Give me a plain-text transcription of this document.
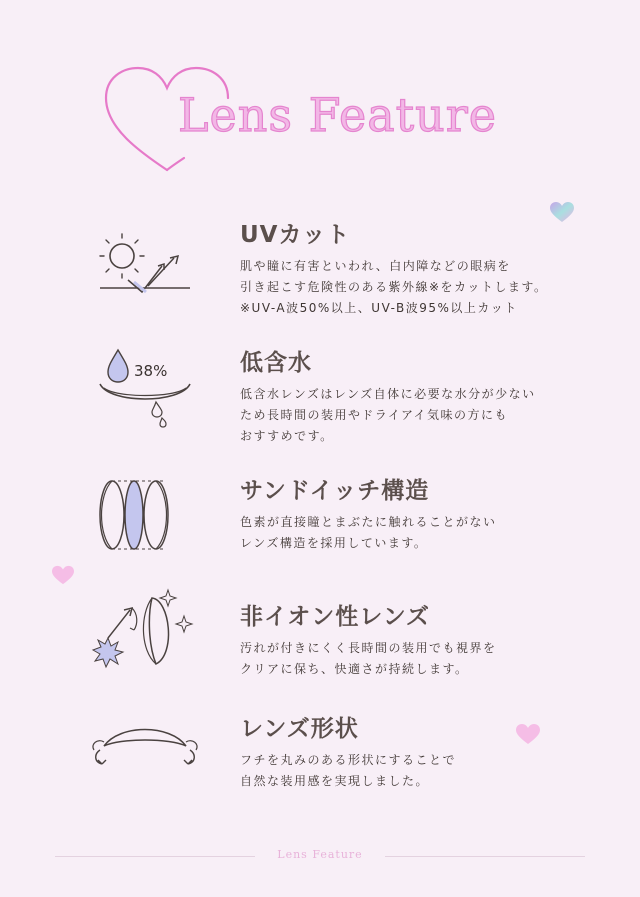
Lens Feature
UVカット
肌や瞳に有害といわれ、白内障などの眼病を
引き起こす危険性のある紫外線※をカットします。
※UV-A波50%以上、UV-B波95%以上カット
38%	低含水
低含水レンズはレンズ自体に必要な水分が少ない
ため長時間の装用やドライアイ気味の方にも
おすすめです。
サンドイッチ構造
色素が直接瞳とまぶたに触れることがない
レンズ構造を採用しています。
非イオン性レンズ
汚れが付きにくく長時間の装用でも視界を
クリアに保ち、快適さが持続します。
レンズ形状
フチを丸みのある形状にすることで
自然な装用感を実現しました。
Lens Feature
